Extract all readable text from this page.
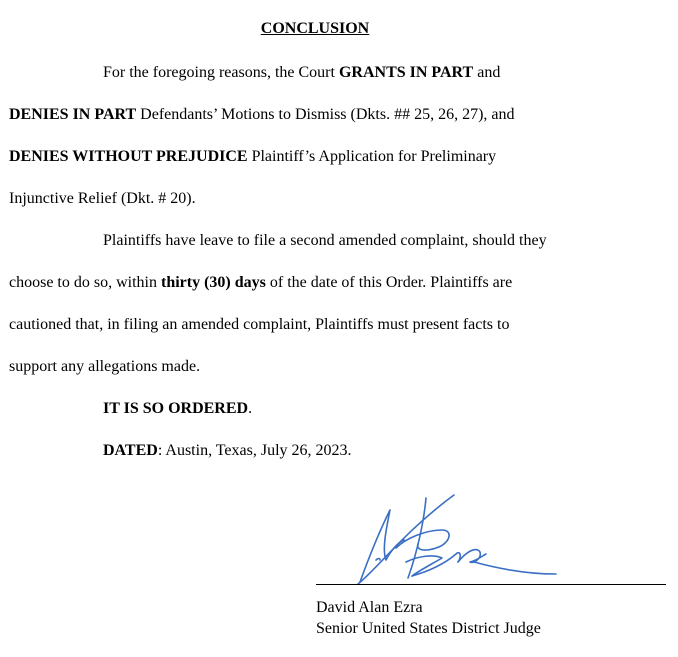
CONCLUSION

For the foregoing reasons, the Court GRANTS IN PART and

DENIES IN PART Defendants’ Motions to Dismiss (Dkts. ## 25, 26, 27), and

DENIES WITHOUT PREJUDICE Plaintiff’s Application for Preliminary

Injunctive Relief (Dkt. # 20).

Plaintiffs have leave to file a second amended complaint, should they

choose to do so, within thirty (30) days of the date of this Order. Plaintiffs are

cautioned that, in filing an amended complaint, Plaintiffs must present facts to

support any allegations made.

IT IS SO ORDERED.

DATED: Austin, Texas, July 26, 2023.

David Alan Ezra
Senior United States District Judge
